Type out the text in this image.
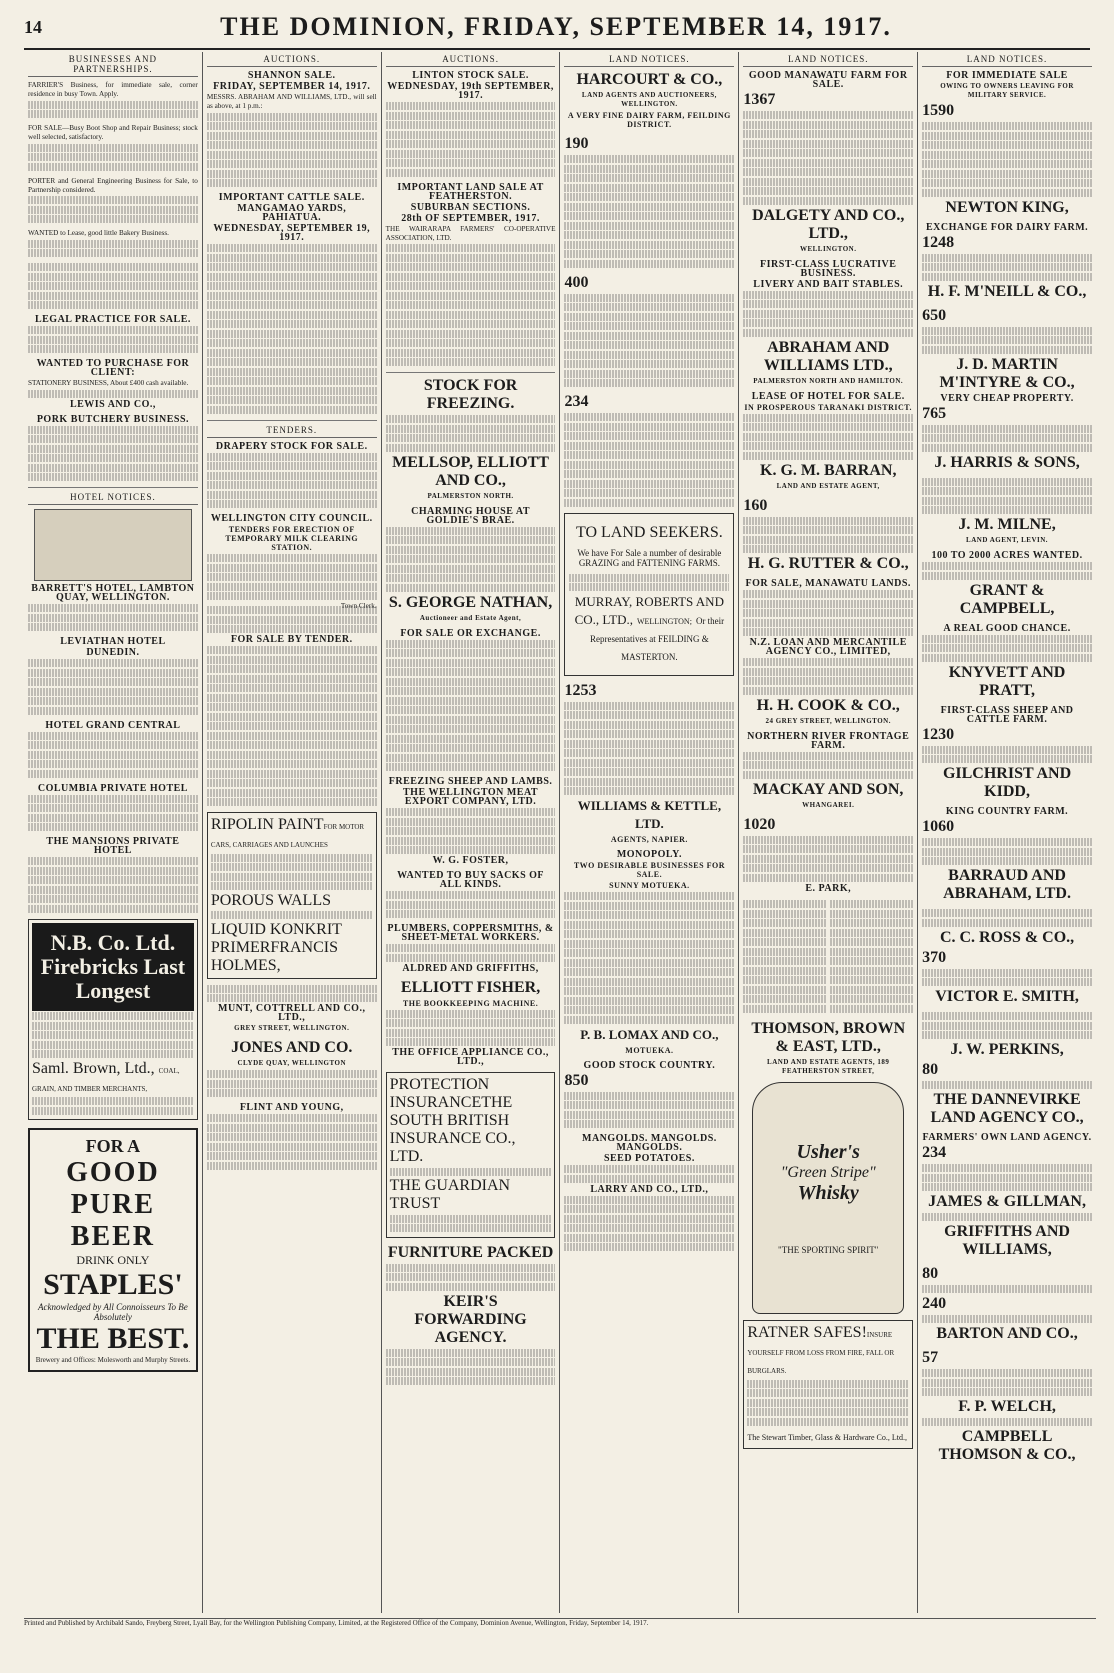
14	THE DOMINION, FRIDAY, SEPTEMBER 14, 1917.
BUSINESSES AND PARTNERSHIPS.
FARRIER'S Business, for immediate sale, corner residence in busy Town. Apply.
FOR SALE—Busy Boot Shop and Repair Business; stock well selected, satisfactory.
PORTER and General Engineering Business for Sale, to Partnership considered.
WANTED to Lease, good little Bakery Business.
LEGAL PRACTICE FOR SALE.
WANTED TO PURCHASE FOR CLIENT:
STATIONERY BUSINESS, About £400 cash available.
LEWIS AND CO.,
PORK BUTCHERY BUSINESS.
HOTEL NOTICES.
BARRETT'S HOTEL, LAMBTON QUAY, WELLINGTON.
LEVIATHAN HOTEL
DUNEDIN.
HOTEL GRAND CENTRAL
COLUMBIA PRIVATE HOTEL
THE MANSIONS PRIVATE HOTEL
N.B. Co. Ltd. Firebricks Last Longest
Saml. Brown, Ltd., COAL, GRAIN, AND TIMBER MERCHANTS,
FOR A
GOOD PURE BEER
DRINK ONLY
STAPLES'
Acknowledged by All Connoisseurs To Be Absolutely
THE BEST.
Brewery and Offices: Molesworth and Murphy Streets.
AUCTIONS.
SHANNON SALE.
FRIDAY, SEPTEMBER 14, 1917.
MESSRS. ABRAHAM AND WILLIAMS, LTD., will sell as above, at 1 p.m.:
IMPORTANT CATTLE SALE.
MANGAMAO YARDS, PAHIATUA.
WEDNESDAY, SEPTEMBER 19, 1917.
TENDERS.
DRAPERY STOCK FOR SALE.
WELLINGTON CITY COUNCIL.
TENDERS FOR ERECTION OF TEMPORARY MILK CLEARING STATION.
Town Clerk.
FOR SALE BY TENDER.
RIPOLIN PAINTFOR MOTOR CARS, CARRIAGES AND LAUNCHES
POROUS WALLS
LIQUID KONKRIT PRIMERFRANCIS HOLMES,
MUNT, COTTRELL AND CO., LTD.,
GREY STREET, WELLINGTON.
JONES AND CO.
CLYDE QUAY, WELLINGTON
FLINT AND YOUNG,
AUCTIONS.
LINTON STOCK SALE.
WEDNESDAY, 19th SEPTEMBER, 1917.
IMPORTANT LAND SALE AT FEATHERSTON.
SUBURBAN SECTIONS.
28th OF SEPTEMBER, 1917.
THE WAIRARAPA FARMERS' CO-OPERATIVE ASSOCIATION, LTD.
STOCK FOR FREEZING.
MELLSOP, ELLIOTT AND CO.,
PALMERSTON NORTH.
CHARMING HOUSE AT GOLDIE'S BRAE.
S. GEORGE NATHAN,
Auctioneer and Estate Agent,
FOR SALE OR EXCHANGE.
FREEZING SHEEP AND LAMBS.
THE WELLINGTON MEAT EXPORT COMPANY, LTD.
W. G. FOSTER,
WANTED TO BUY SACKS OF ALL KINDS.
PLUMBERS, COPPERSMITHS, & SHEET-METAL WORKERS.
ALDRED AND GRIFFITHS,
ELLIOTT FISHER,
THE BOOKKEEPING MACHINE.
THE OFFICE APPLIANCE CO., LTD.,
PROTECTION INSURANCETHE SOUTH BRITISH INSURANCE CO., LTD.
THE GUARDIAN TRUST
FURNITURE PACKED
KEIR'S FORWARDING AGENCY.
LAND NOTICES.
HARCOURT & CO.,
LAND AGENTS AND AUCTIONEERS, WELLINGTON.
A VERY FINE DAIRY FARM, FEILDING DISTRICT.
190
400
234
TO LAND SEEKERS.
We have For Sale a number of desirable GRAZING and FATTENING FARMS.
MURRAY, ROBERTS AND CO., LTD., WELLINGTON; Or their Representatives at FEILDING & MASTERTON.
1253
WILLIAMS & KETTLE, LTD.
AGENTS, NAPIER.
MONOPOLY.
TWO DESIRABLE BUSINESSES FOR SALE.
SUNNY MOTUEKA.
P. B. LOMAX AND CO.,
MOTUEKA.
GOOD STOCK COUNTRY.
850
MANGOLDS. MANGOLDS. MANGOLDS.
SEED POTATOES.
LARRY AND CO., LTD.,
LAND NOTICES.
GOOD MANAWATU FARM FOR SALE.
1367
DALGETY AND CO., LTD.,
WELLINGTON.
FIRST-CLASS LUCRATIVE BUSINESS.
LIVERY AND BAIT STABLES.
ABRAHAM AND WILLIAMS LTD.,
PALMERSTON NORTH AND HAMILTON.
LEASE OF HOTEL FOR SALE.
IN PROSPEROUS TARANAKI DISTRICT.
K. G. M. BARRAN,
LAND AND ESTATE AGENT,
160
H. G. RUTTER & CO.,
FOR SALE, MANAWATU LANDS.
N.Z. LOAN AND MERCANTILE AGENCY CO., LIMITED,
H. H. COOK & CO.,
24 GREY STREET, WELLINGTON.
NORTHERN RIVER FRONTAGE FARM.
MACKAY AND SON,
WHANGAREI.
1020
E. PARK,
THOMSON, BROWN & EAST, LTD.,
LAND AND ESTATE AGENTS, 189 FEATHERSTON STREET,
Usher's
"Green Stripe"
Whisky
"THE SPORTING SPIRIT"
RATNER SAFES!INSURE YOURSELF FROM LOSS FROM FIRE, FALL OR BURGLARS.
The Stewart Timber, Glass & Hardware Co., Ltd.,
LAND NOTICES.
FOR IMMEDIATE SALE
OWING TO OWNERS LEAVING FOR MILITARY SERVICE.
1590
NEWTON KING,
EXCHANGE FOR DAIRY FARM.
1248
H. F. M'NEILL & CO.,
650
J. D. MARTIN M'INTYRE & CO.,
VERY CHEAP PROPERTY.
765
J. HARRIS & SONS,
J. M. MILNE,
LAND AGENT, LEVIN.
100 TO 2000 ACRES WANTED.
GRANT & CAMPBELL,
A REAL GOOD CHANCE.
KNYVETT AND PRATT,
FIRST-CLASS SHEEP AND CATTLE FARM.
1230
GILCHRIST AND KIDD,
KING COUNTRY FARM.
1060
BARRAUD AND ABRAHAM, LTD.
C. C. ROSS & CO.,
370
VICTOR E. SMITH,
J. W. PERKINS,
80
THE DANNEVIRKE LAND AGENCY CO.,
FARMERS' OWN LAND AGENCY.
234
JAMES & GILLMAN,
GRIFFITHS AND WILLIAMS,
80
240
BARTON AND CO.,
57
F. P. WELCH,
CAMPBELL THOMSON & CO.,
Printed and Published by Archibald Sando, Freyberg Street, Lyall Bay, for the Wellington Publishing Company, Limited, at the Registered Office of the Company, Dominion Avenue, Wellington, Friday, September 14, 1917.
